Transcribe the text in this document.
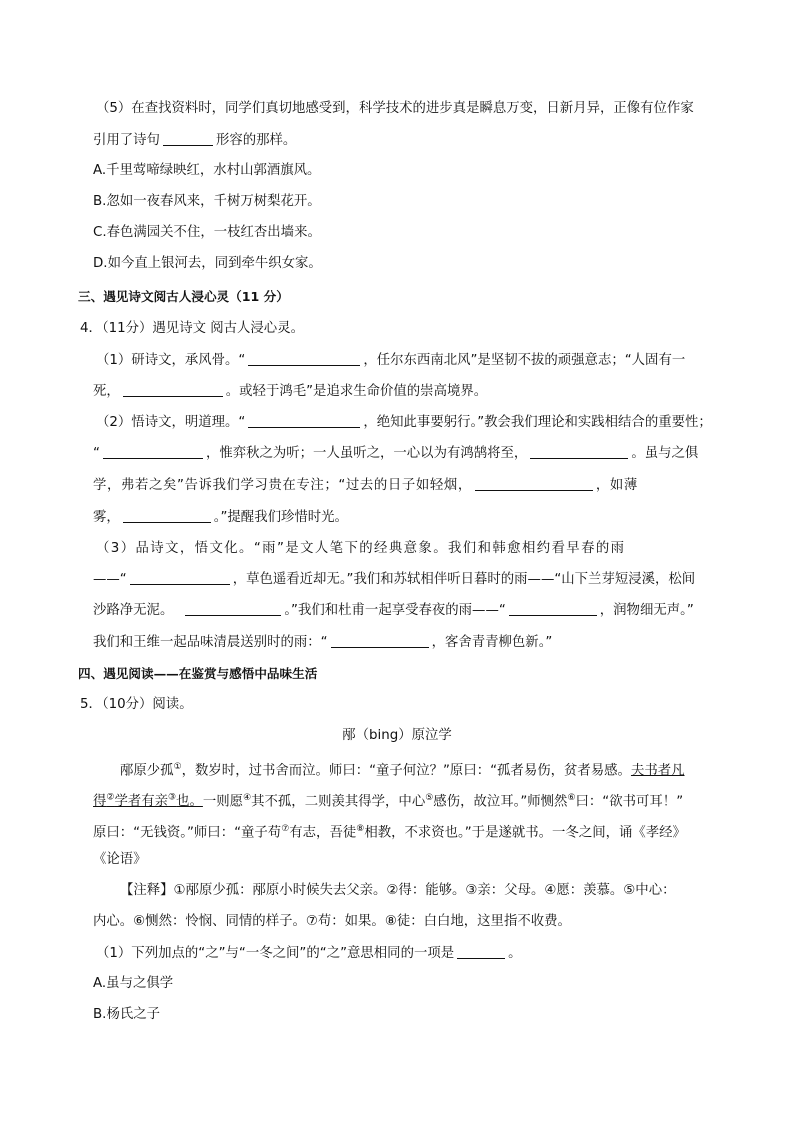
（5）在查找资料时，同学们真切地感受到，科学技术的进步真是瞬息万变，日新月异，正像有位作家
引用了诗句	形容的那样。
A.千里莺啼绿映红，水村山郭酒旗风。
B.忽如一夜春风来，千树万树梨花开。
C.春色满园关不住，一枝红杏出墙来。
D.如今直上银河去，同到牵牛织女家。
三、遇见诗文阅古人浸心灵（11 分）
4．（11分）遇见诗文 阅古人浸心灵。
（1）研诗文，承风骨。“	，任尔东西南北风”是坚韧不拔的顽强意志；“人固有一
死，	。或轻于鸿毛”是追求生命价值的崇高境界。
（2）悟诗文，明道理。“	，绝知此事要躬行。”教会我们理论和实践相结合的重要性；
“	，惟弈秋之为听；一人虽听之，一心以为有鸿鹄将至，	。虽与之俱
学，弗若之矣”告诉我们学习贵在专注；“过去的日子如轻烟，	，如薄
雾，	。”提醒我们珍惜时光。
（3）品诗文，悟文化。“雨”是文人笔下的经典意象。我们和韩愈相约看早春的雨
——“	，草色遥看近却无。”我们和苏轼相伴听日暮时的雨——“山下兰芽短浸溪，松间
沙路净无泥。	。”我们和杜甫一起享受春夜的雨——“	，润物细无声。”
我们和王维一起品味清晨送别时的雨：“	，客舍青青柳色新。”
四、遇见阅读——在鉴赏与感悟中品味生活
5．（10分）阅读。
邴（bing）原泣学
邴原少孤①，数岁时，过书舍而泣。师曰：“童子何泣？”原曰：“孤者易伤，贫者易感。夫书者凡
得②学者有亲③也。一则愿④其不孤，二则羡其得学，中心⑤感伤，故泣耳。”师恻然⑥曰：“欲书可耳！”
原曰：“无钱资。”师曰：“童子苟⑦有志，吾徒⑧相教，不求资也。”于是遂就书。一冬之间，诵《孝经》
《论语》
【注释】①邴原少孤：邴原小时候失去父亲。②得：能够。③亲：父母。④愿：羡慕。⑤中心：
内心。⑥恻然：怜悯、同情的样子。⑦苟：如果。⑧徒：白白地，这里指不收费。
（1）下列加点的“之”与“一冬之间”的“之”意思相同的一项是	。
A.虽与之俱学
B.杨氏之子
